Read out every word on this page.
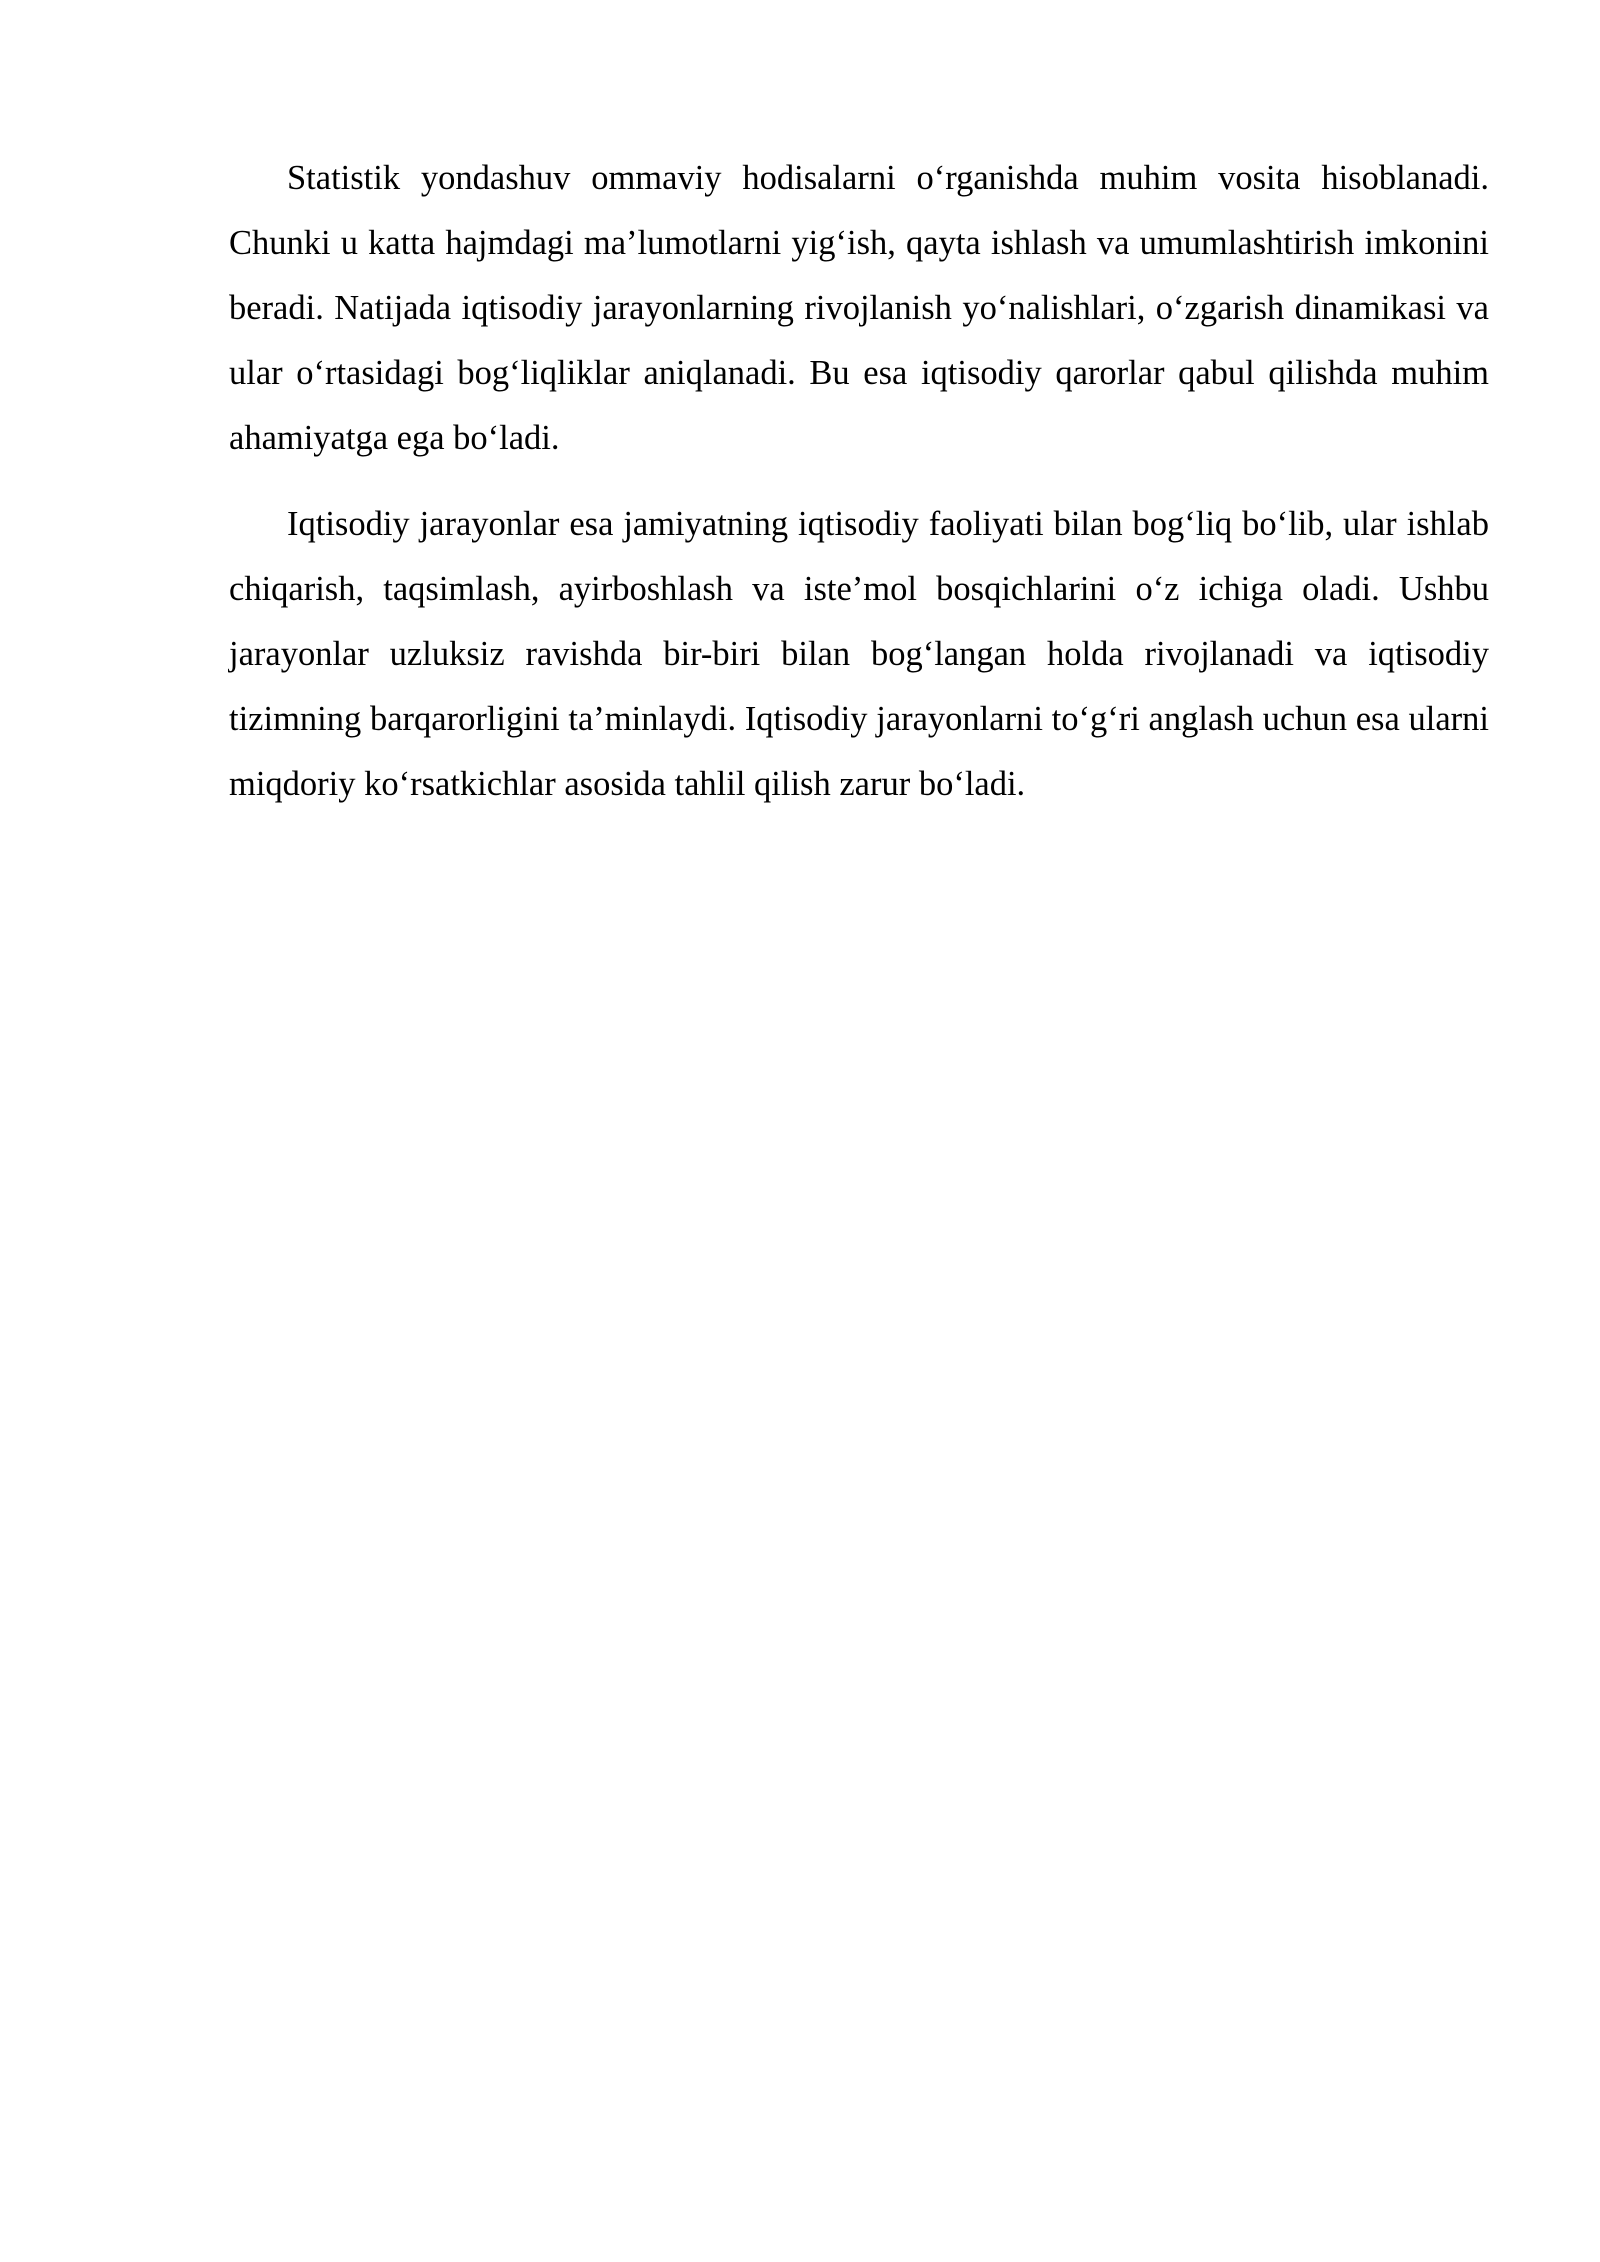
Statistik yondashuv ommaviy hodisalarni o‘rganishda muhim vosita hisoblanadi. Chunki u katta hajmdagi ma’lumotlarni yig‘ish, qayta ishlash va umumlashtirish imkonini beradi. Natijada iqtisodiy jarayonlarning rivojlanish yo‘nalishlari, o‘zgarish dinamikasi va ular o‘rtasidagi bog‘liqliklar aniqlanadi. Bu esa iqtisodiy qarorlar qabul qilishda muhim ahamiyatga ega bo‘ladi.

Iqtisodiy jarayonlar esa jamiyatning iqtisodiy faoliyati bilan bog‘liq bo‘lib, ular ishlab chiqarish, taqsimlash, ayirboshlash va iste’mol bosqichlarini o‘z ichiga oladi. Ushbu jarayonlar uzluksiz ravishda bir-biri bilan bog‘langan holda rivojlanadi va iqtisodiy tizimning barqarorligini ta’minlaydi. Iqtisodiy jarayonlarni to‘g‘ri anglash uchun esa ularni miqdoriy ko‘rsatkichlar asosida tahlil qilish zarur bo‘ladi.
